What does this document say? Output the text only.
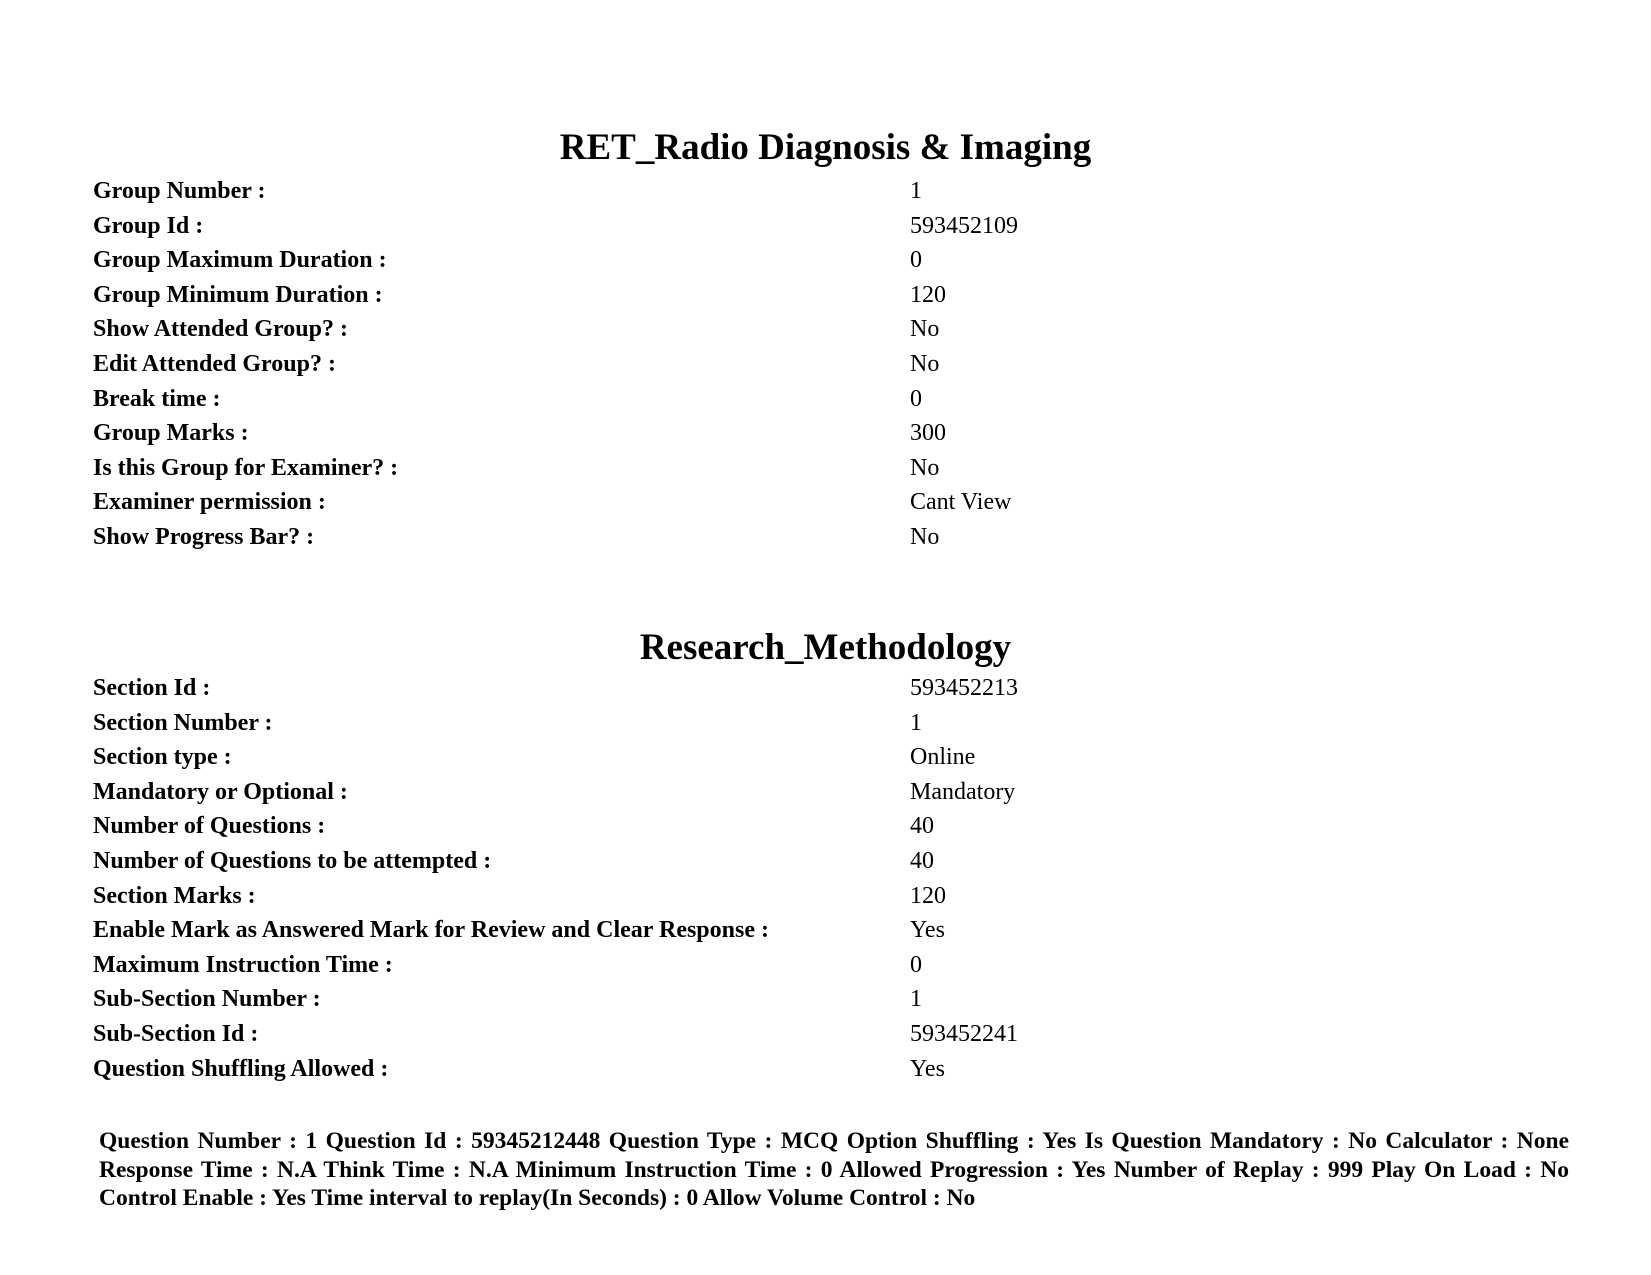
RET_Radio Diagnosis & Imaging
Group Number :	1
Group Id :	593452109
Group Maximum Duration :	0
Group Minimum Duration :	120
Show Attended Group? :	No
Edit Attended Group? :	No
Break time :	0
Group Marks :	300
Is this Group for Examiner? :	No
Examiner permission :	Cant View
Show Progress Bar? :	No
Research_Methodology
Section Id :	593452213
Section Number :	1
Section type :	Online
Mandatory or Optional :	Mandatory
Number of Questions :	40
Number of Questions to be attempted :	40
Section Marks :	120
Enable Mark as Answered Mark for Review and Clear Response :	Yes
Maximum Instruction Time :	0
Sub-Section Number :	1
Sub-Section Id :	593452241
Question Shuffling Allowed :	Yes
Question Number : 1 Question Id : 59345212448 Question Type : MCQ Option Shuffling : Yes Is Question Mandatory : No Calculator : None Response Time : N.A Think Time : N.A Minimum Instruction Time : 0 Allowed Progression : Yes Number of Replay : 999 Play On Load : No Control Enable : Yes Time interval to replay(In Seconds) : 0 Allow Volume Control : No
